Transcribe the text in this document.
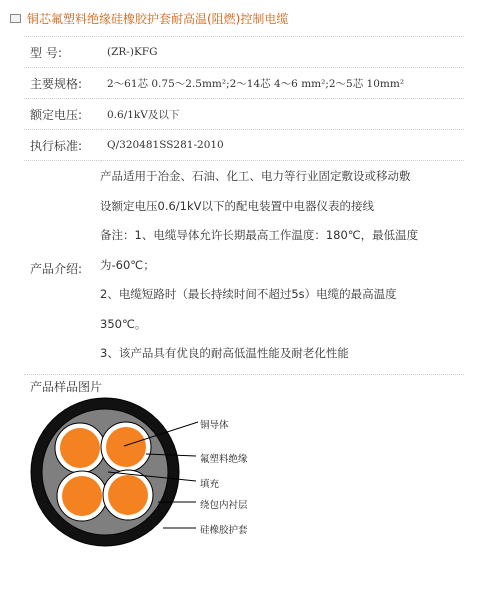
铜芯氟塑料绝缘硅橡胶护套耐高温(阻燃)控制电缆
型 号:	(ZR-)KFG
主要规格:	2～61芯 0.75～2.5mm²;2～14芯 4～6 mm²;2～5芯 10mm²
额定电压:	0.6/1kV及以下
执行标准:	Q/320481SS281-2010
产品介绍:
产品适用于冶金、石油、化工、电力等行业固定敷设或移动敷
设额定电压0.6/1kV以下的配电装置中电器仪表的接线
备注：1、电缆导体允许长期最高工作温度：180℃，最低温度
为-60℃；
2、电缆短路时（最长持续时间不超过5s）电缆的最高温度
350℃。
3、该产品具有优良的耐高低温性能及耐老化性能
产品样品图片
铜导体
氟塑料绝缘
填充
绕包内衬层
硅橡胶护套
